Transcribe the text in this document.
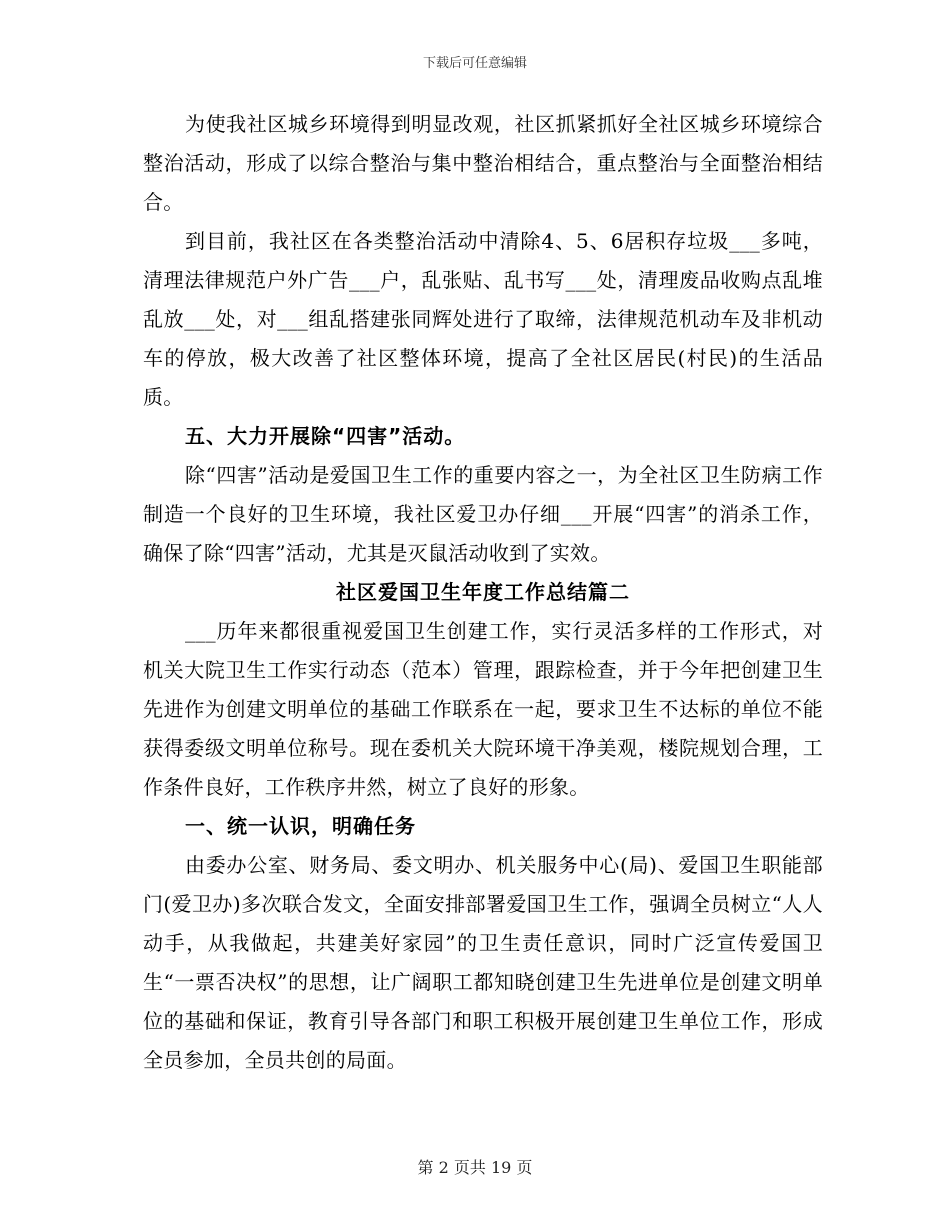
下载后可任意编辑

为使我社区城乡环境得到明显改观，社区抓紧抓好全社区城乡环境综合整治活动，形成了以综合整治与集中整治相结合，重点整治与全面整治相结合。

到目前，我社区在各类整治活动中清除4、5、6居积存垃圾___多吨，清理法律规范户外广告___户，乱张贴、乱书写___处，清理废品收购点乱堆乱放___处，对___组乱搭建张同辉处进行了取缔，法律规范机动车及非机动车的停放，极大改善了社区整体环境，提高了全社区居民(村民)的生活品质。

五、大力开展除“四害”活动。

除“四害”活动是爱国卫生工作的重要内容之一，为全社区卫生防病工作制造一个良好的卫生环境，我社区爱卫办仔细___开展“四害”的消杀工作，确保了除“四害”活动，尤其是灭鼠活动收到了实效。

社区爱国卫生年度工作总结篇二

___历年来都很重视爱国卫生创建工作，实行灵活多样的工作形式，对机关大院卫生工作实行动态（范本）管理，跟踪检查，并于今年把创建卫生先进作为创建文明单位的基础工作联系在一起，要求卫生不达标的单位不能获得委级文明单位称号。现在委机关大院环境干净美观，楼院规划合理，工作条件良好，工作秩序井然，树立了良好的形象。

一、统一认识，明确任务

由委办公室、财务局、委文明办、机关服务中心(局)、爱国卫生职能部门(爱卫办)多次联合发文，全面安排部署爱国卫生工作，强调全员树立“人人动手，从我做起，共建美好家园”的卫生责任意识，同时广泛宣传爱国卫生“一票否决权”的思想，让广阔职工都知晓创建卫生先进单位是创建文明单位的基础和保证，教育引导各部门和职工积极开展创建卫生单位工作，形成全员参加，全员共创的局面。

第 2 页共 19 页
